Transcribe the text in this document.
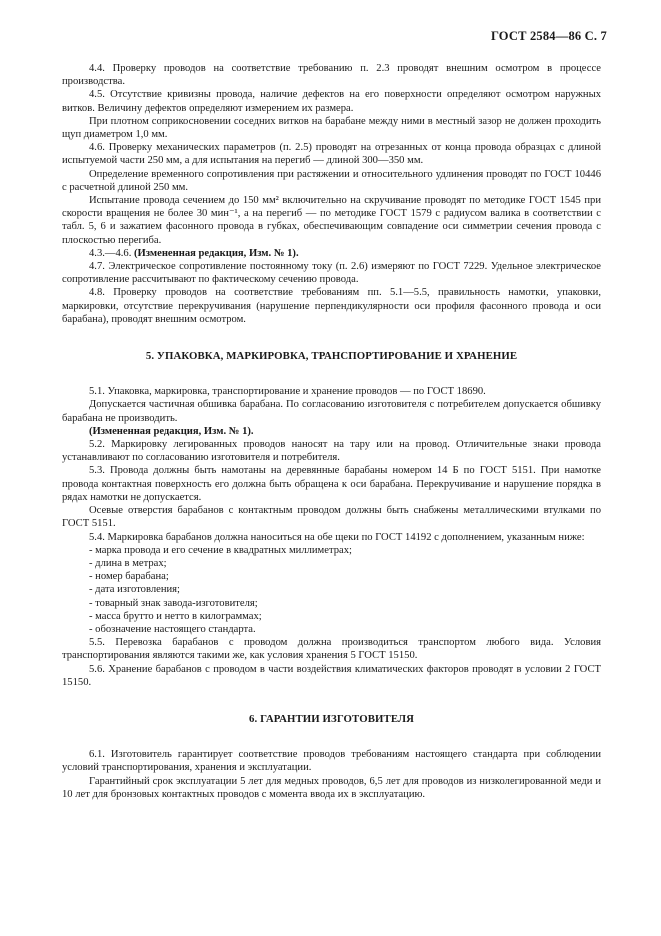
ГОСТ 2584—86 С. 7

4.4. Проверку проводов на соответствие требованию п. 2.3 проводят внешним осмотром в процессе производства.

4.5. Отсутствие кривизны провода, наличие дефектов на его поверхности определяют осмотром наружных витков. Величину дефектов определяют измерением их размера.

При плотном соприкосновении соседних витков на барабане между ними в местный зазор не должен проходить щуп диаметром 1,0 мм.

4.6. Проверку механических параметров (п. 2.5) проводят на отрезанных от конца провода образцах с длиной испытуемой части 250 мм, а для испытания на перегиб — длиной 300—350 мм.

Определение временного сопротивления при растяжении и относительного удлинения проводят по ГОСТ 10446 с расчетной длиной 250 мм.

Испытание провода сечением до 150 мм² включительно на скручивание проводят по методике ГОСТ 1545 при скорости вращения не более 30 мин⁻¹, а на перегиб — по методике ГОСТ 1579 с радиусом валика в соответствии с табл. 5, 6 и зажатием фасонного провода в губках, обеспечивающим совпадение оси симметрии сечения провода с плоскостью перегиба.

4.3.—4.6. (Измененная редакция, Изм. № 1).

4.7. Электрическое сопротивление постоянному току (п. 2.6) измеряют по ГОСТ 7229. Удельное электрическое сопротивление рассчитывают по фактическому сечению провода.

4.8. Проверку проводов на соответствие требованиям пп. 5.1—5.5, правильность намотки, упаковки, маркировки, отсутствие перекручивания (нарушение перпендикулярности оси профиля фасонного провода и оси барабана), проводят внешним осмотром.

5. УПАКОВКА, МАРКИРОВКА, ТРАНСПОРТИРОВАНИЕ И ХРАНЕНИЕ

5.1. Упаковка, маркировка, транспортирование и хранение проводов — по ГОСТ 18690.

Допускается частичная обшивка барабана. По согласованию изготовителя с потребителем допускается обшивку барабана не производить.

(Измененная редакция, Изм. № 1).

5.2. Маркировку легированных проводов наносят на тару или на провод. Отличительные знаки провода устанавливают по согласованию изготовителя и потребителя.

5.3. Провода должны быть намотаны на деревянные барабаны номером 14 Б по ГОСТ 5151. При намотке провода контактная поверхность его должна быть обращена к оси барабана. Перекручивание и нарушение порядка в рядах намотки не допускается.

Осевые отверстия барабанов с контактным проводом должны быть снабжены металлическими втулками по ГОСТ 5151.

5.4. Маркировка барабанов должна наноситься на обе щеки по ГОСТ 14192 с дополнением, указанным ниже:

- марка провода и его сечение в квадратных миллиметрах;
- длина в метрах;
- номер барабана;
- дата изготовления;
- товарный знак завода-изготовителя;
- масса брутто и нетто в килограммах;
- обозначение настоящего стандарта.

5.5. Перевозка барабанов с проводом должна производиться транспортом любого вида. Условия транспортирования являются такими же, как условия хранения 5 ГОСТ 15150.

5.6. Хранение барабанов с проводом в части воздействия климатических факторов проводят в условии 2 ГОСТ 15150.

6. ГАРАНТИИ ИЗГОТОВИТЕЛЯ

6.1. Изготовитель гарантирует соответствие проводов требованиям настоящего стандарта при соблюдении условий транспортирования, хранения и эксплуатации.

Гарантийный срок эксплуатации 5 лет для медных проводов, 6,5 лет для проводов из низколегированной меди и 10 лет для бронзовых контактных проводов с момента ввода их в эксплуатацию.
